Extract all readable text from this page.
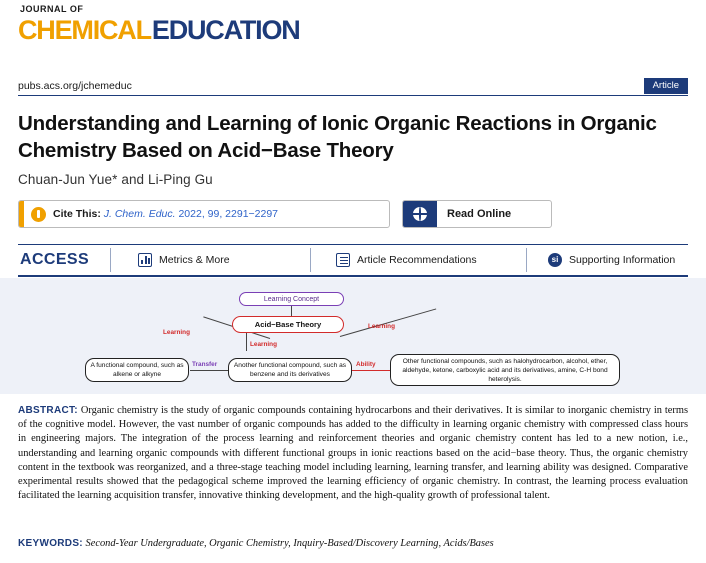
JOURNAL OF
CHEMICAL EDUCATION
pubs.acs.org/jchemeduc	Article
Understanding and Learning of Ionic Organic Reactions in Organic Chemistry Based on Acid−Base Theory
Chuan-Jun Yue* and Li-Ping Gu
Cite This: J. Chem. Educ. 2022, 99, 2291−2297	Read Online
ACCESS	Metrics & More	Article Recommendations	si	Supporting Information
Learning Concept
Acid−Base Theory
Learning
Learning
Learning
Transfer	Ability
A functional compound, such as alkene or alkyne
Another functional compound, such as benzene and its derivatives
Other functional compounds, such as halohydrocarbon, alcohol, ether, aldehyde, ketone, carboxylic acid and its derivatives, amine, C-H bond heterolysis.
ABSTRACT: Organic chemistry is the study of organic compounds containing hydrocarbons and their derivatives. It is similar to inorganic chemistry in terms of the cognitive model. However, the vast number of organic compounds has added to the difficulty in learning organic chemistry with compressed class hours in engineering majors. The integration of the process learning and reinforcement theories and organic chemistry content has led to a new notion, i.e., understanding and learning organic compounds with different functional groups in ionic reactions based on the acid−base theory. Thus, the organic chemistry content in the textbook was reorganized, and a three-stage teaching model including learning, learning transfer, and learning ability was designed. Comparative experimental results showed that the pedagogical scheme improved the learning efficiency of organic chemistry. In contrast, the learning process evaluation facilitated the learning acquisition transfer, innovative thinking development, and the high-quality growth of professional talent.
KEYWORDS: Second-Year Undergraduate, Organic Chemistry, Inquiry-Based/Discovery Learning, Acids/Bases
